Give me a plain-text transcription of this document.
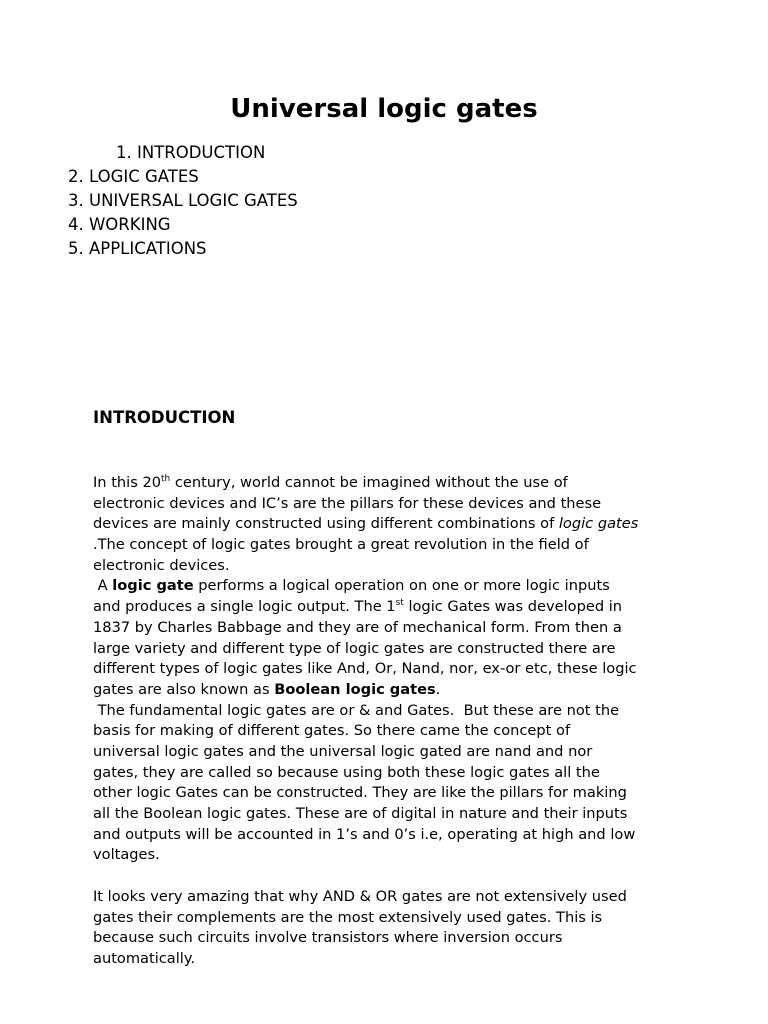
Universal logic gates
1. INTRODUCTION
2. LOGIC GATES
3. UNIVERSAL LOGIC GATES
4. WORKING
5. APPLICATIONS
INTRODUCTION
In this 20th century, world cannot be imagined without the use of
electronic devices and IC’s are the pillars for these devices and these
devices are mainly constructed using different combinations of logic gates
.The concept of logic gates brought a great revolution in the field of
electronic devices.
A logic gate performs a logical operation on one or more logic inputs
and produces a single logic output. The 1st logic Gates was developed in
1837 by Charles Babbage and they are of mechanical form. From then a
large variety and different type of logic gates are constructed there are
different types of logic gates like And, Or, Nand, nor, ex-or etc, these logic
gates are also known as Boolean logic gates.
The fundamental logic gates are or & and Gates.  But these are not the
basis for making of different gates. So there came the concept of
universal logic gates and the universal logic gated are nand and nor
gates, they are called so because using both these logic gates all the
other logic Gates can be constructed. They are like the pillars for making
all the Boolean logic gates. These are of digital in nature and their inputs
and outputs will be accounted in 1’s and 0’s i.e, operating at high and low
voltages.
It looks very amazing that why AND & OR gates are not extensively used
gates their complements are the most extensively used gates. This is
because such circuits involve transistors where inversion occurs
automatically.
